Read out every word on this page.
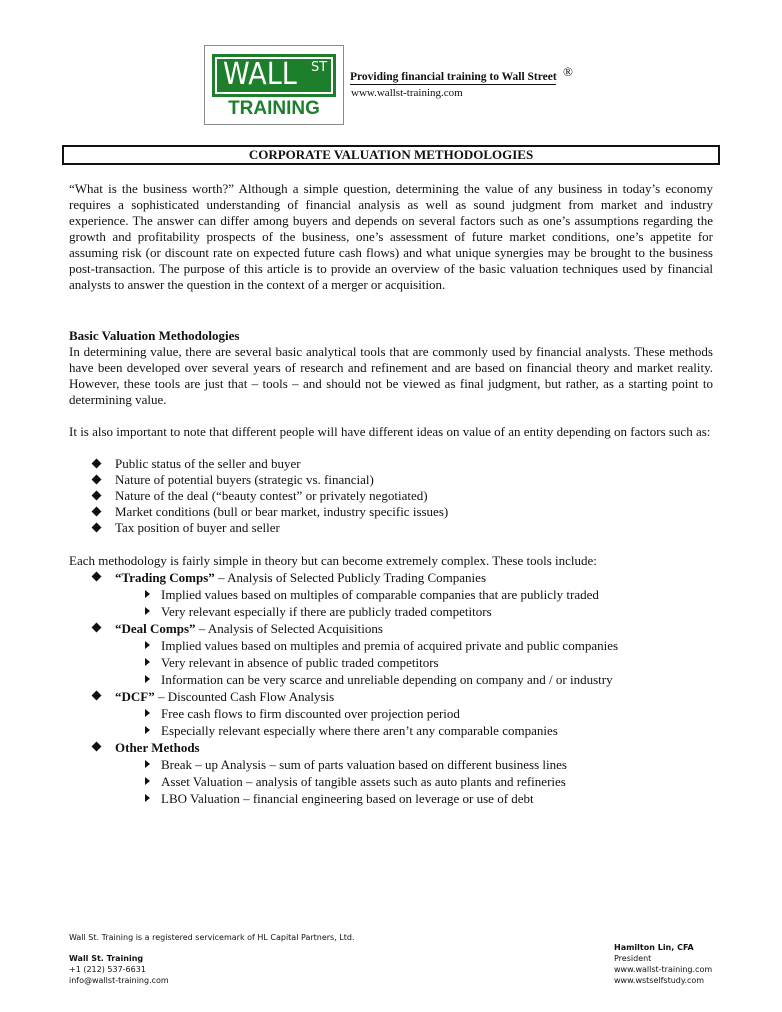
WALL ST
TRAINING
Providing financial training to Wall Street ®
www.wallst-training.com
CORPORATE VALUATION METHODOLOGIES
“What is the business worth?” Although a simple question, determining the value of any business in today’s economy requires a sophisticated understanding of financial analysis as well as sound judgment from market and industry experience. The answer can differ among buyers and depends on several factors such as one’s assumptions regarding the growth and profitability prospects of the business, one’s assessment of future market conditions, one’s appetite for assuming risk (or discount rate on expected future cash flows) and what unique synergies may be brought to the business post-transaction. The purpose of this article is to provide an overview of the basic valuation techniques used by financial analysts to answer the question in the context of a merger or acquisition.
Basic Valuation Methodologies
In determining value, there are several basic analytical tools that are commonly used by financial analysts. These methods have been developed over several years of research and refinement and are based on financial theory and market reality. However, these tools are just that – tools – and should not be viewed as final judgment, but rather, as a starting point to determining value.
It is also important to note that different people will have different ideas on value of an entity depending on factors such as:
Public status of the seller and buyer
Nature of potential buyers (strategic vs. financial)
Nature of the deal (“beauty contest” or privately negotiated)
Market conditions (bull or bear market, industry specific issues)
Tax position of buyer and seller
Each methodology is fairly simple in theory but can become extremely complex. These tools include:
“Trading Comps” – Analysis of Selected Publicly Trading Companies
Implied values based on multiples of comparable companies that are publicly traded
Very relevant especially if there are publicly traded competitors
“Deal Comps” – Analysis of Selected Acquisitions
Implied values based on multiples and premia of acquired private and public companies
Very relevant in absence of public traded competitors
Information can be very scarce and unreliable depending on company and / or industry
“DCF” – Discounted Cash Flow Analysis
Free cash flows to firm discounted over projection period
Especially relevant especially where there aren’t any comparable companies
Other Methods
Break – up Analysis – sum of parts valuation based on different business lines
Asset Valuation – analysis of tangible assets such as auto plants and refineries
LBO Valuation – financial engineering based on leverage or use of debt
Wall St. Training is a registered servicemark of HL Capital Partners, Ltd.
Wall St. Training
+1 (212) 537-6631
info@wallst-training.com
Hamilton Lin, CFA
President
www.wallst-training.com
www.wstselfstudy.com
